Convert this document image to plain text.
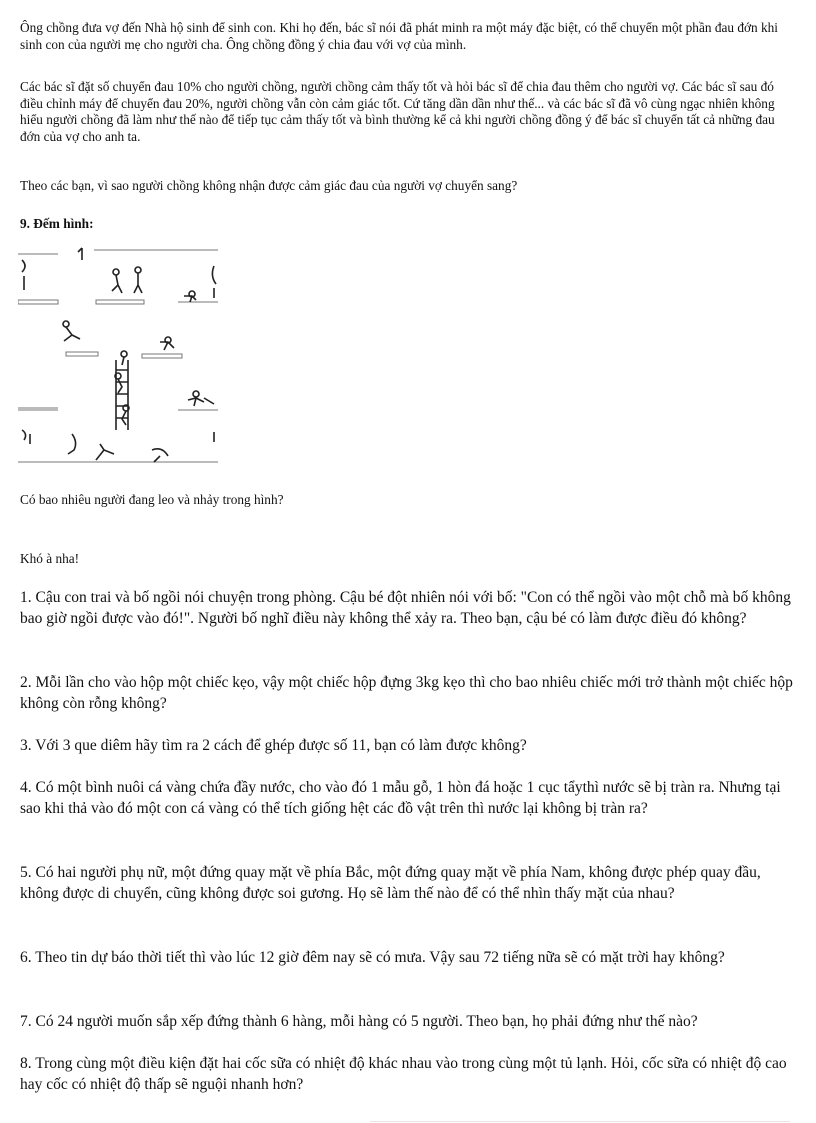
Ông chồng đưa vợ đến Nhà hộ sinh để sinh con. Khi họ đến, bác sĩ nói đã phát minh ra một máy đặc biệt, có thể chuyển một phần đau đớn khi sinh con của người mẹ cho người cha. Ông chồng đồng ý chia đau với vợ của mình.
Các bác sĩ đặt số chuyển đau 10% cho người chồng, người chồng cảm thấy tốt và hỏi bác sĩ để chia đau thêm cho người vợ. Các bác sĩ sau đó điều chỉnh máy để chuyển đau 20%, người chồng vẫn còn cảm giác tốt. Cứ tăng dần dần như thế... và các bác sĩ đã vô cùng ngạc nhiên không hiểu người chồng đã làm như thế nào để tiếp tục cảm thấy tốt và bình thường kể cả khi người chồng đồng ý để bác sĩ chuyển tất cả những đau đớn của vợ cho anh ta.
Theo các bạn, vì sao người chồng không nhận được cảm giác đau của người vợ chuyển sang?
9. Đếm hình:
Có bao nhiêu người đang leo và nhảy trong hình?
Khó à nha!
1. Cậu con trai và bố ngồi nói chuyện trong phòng. Cậu bé đột nhiên nói với bố: "Con có thể ngồi vào một chỗ mà bố không bao giờ ngồi được vào đó!". Người bố nghĩ điều này không thể xảy ra. Theo bạn, cậu bé có làm được điều đó không?
2. Mỗi lần cho vào hộp một chiếc kẹo, vậy một chiếc hộp đựng 3kg kẹo thì cho bao nhiêu chiếc mới trở thành một chiếc hộp không còn rỗng không?
3. Với 3 que diêm hãy tìm ra 2 cách để ghép được số 11, bạn có làm được không?
4. Có một bình nuôi cá vàng chứa đầy nước, cho vào đó 1 mẫu gỗ, 1 hòn đá hoặc 1 cục tẩythì nước sẽ bị tràn ra. Nhưng tại sao khi thả vào đó một con cá vàng có thể tích giống hệt các đồ vật trên thì nước lại không bị tràn ra?
5. Có hai người phụ nữ, một đứng quay mặt về phía Bắc, một đứng quay mặt về phía Nam, không được phép quay đầu, không được di chuyển, cũng không được soi gương. Họ sẽ làm thế nào để có thể nhìn thấy mặt của nhau?
6. Theo tin dự báo thời tiết thì vào lúc 12 giờ đêm nay sẽ có mưa. Vậy sau 72 tiếng nữa sẽ có mặt trời hay không?
7. Có 24 người muốn sắp xếp đứng thành 6 hàng, mỗi hàng có 5 người. Theo bạn, họ phải đứng như thế nào?
8. Trong cùng một điều kiện đặt hai cốc sữa có nhiệt độ khác nhau vào trong cùng một tủ lạnh. Hỏi, cốc sữa có nhiệt độ cao hay cốc có nhiệt độ thấp sẽ nguội nhanh hơn?
